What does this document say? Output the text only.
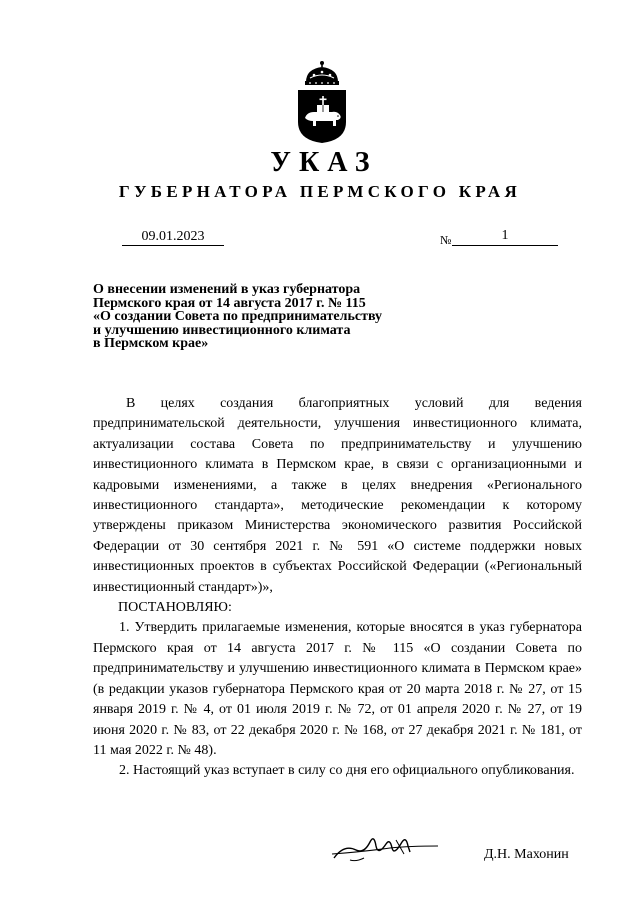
УКАЗ
ГУБЕРНАТОРА ПЕРМСКОГО КРАЯ
09.01.2023	№	1
О внесении изменений в указ губернатора
Пермского края от 14 августа 2017 г. № 115
«О создании Совета по предпринимательству
и улучшению инвестиционного климата
в Пермском крае»

В целях создания благоприятных условий для ведения предпринимательской деятельности, улучшения инвестиционного климата, актуализации состава Совета по предпринимательству и улучшению инвестиционного климата в Пермском крае, в связи с организационными и кадровыми изменениями, а также в целях внедрения «Регионального инвестиционного стандарта», методические рекомендации к которому утверждены приказом Министерства экономического развития Российской Федерации от 30 сентября 2021 г. № 591 «О системе поддержки новых инвестиционных проектов в субъектах Российской Федерации («Региональный инвестиционный стандарт»)»,

ПОСТАНОВЛЯЮ:

1. Утвердить прилагаемые изменения, которые вносятся в указ губернатора Пермского края от 14 августа 2017 г. № 115 «О создании Совета по предпринимательству и улучшению инвестиционного климата в Пермском крае» (в редакции указов губернатора Пермского края от 20 марта 2018 г. № 27, от 15 января 2019 г. № 4, от 01 июля 2019 г. № 72, от 01 апреля 2020 г. № 27, от 19 июня 2020 г. № 83, от 22 декабря 2020 г. № 168, от 27 декабря 2021 г. № 181, от 11 мая 2022 г. № 48).

2. Настоящий указ вступает в силу со дня его официального опубликования.

Д.Н. Махонин
